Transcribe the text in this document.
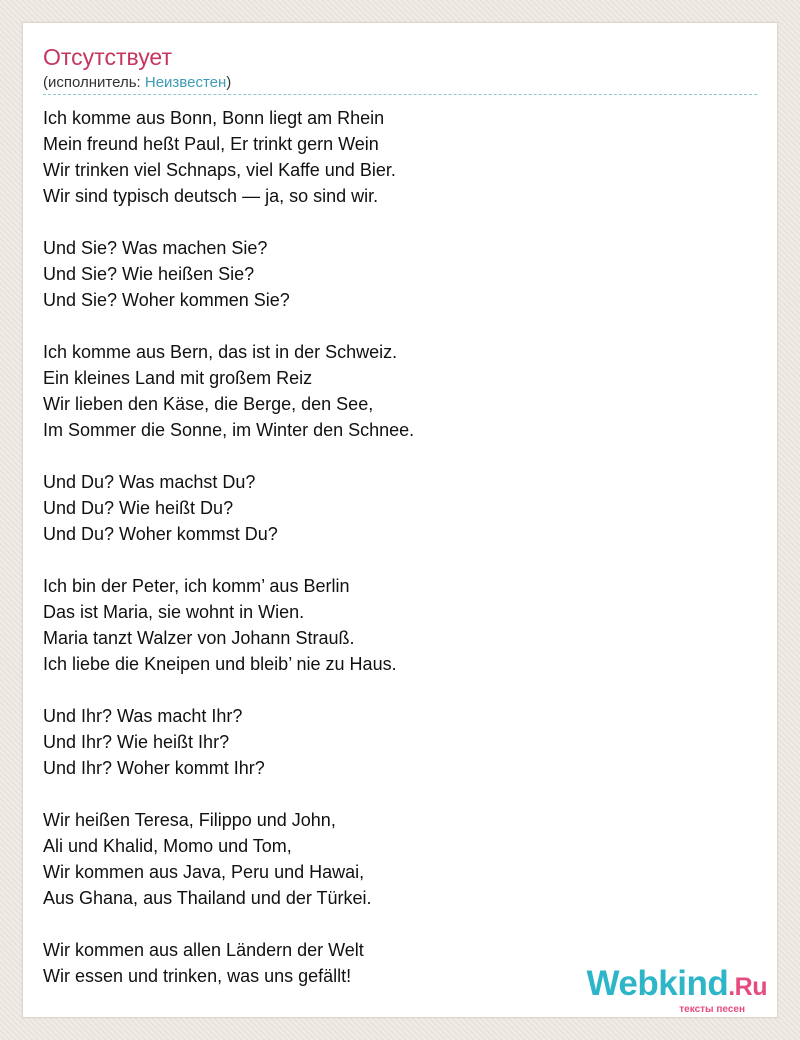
Отсутствует
(исполнитель: Неизвестен)
Ich komme aus Bonn, Bonn liegt am Rhein
Mein freund heßt Paul, Er trinkt gern Wein
Wir trinken viel Schnaps, viel Kaffe und Bier.
Wir sind typisch deutsch — ja, so sind wir.
Und Sie? Was machen Sie?
Und Sie? Wie heißen Sie?
Und Sie? Woher kommen Sie?
Ich komme aus Bern, das ist in der Schweiz.
Ein kleines Land mit großem Reiz
Wir lieben den Käse, die Berge, den See,
Im Sommer die Sonne, im Winter den Schnee.
Und Du? Was machst Du?
Und Du? Wie heißt Du?
Und Du? Woher kommst Du?
Ich bin der Peter, ich komm’ aus Berlin
Das ist Maria, sie wohnt in Wien.
Maria tanzt Walzer von Johann Strauß.
Ich liebe die Kneipen und bleib’ nie zu Haus.
Und Ihr? Was macht Ihr?
Und Ihr? Wie heißt Ihr?
Und Ihr? Woher kommt Ihr?
Wir heißen Teresa, Filippo und John,
Ali und Khalid, Momo und Tom,
Wir kommen aus Java, Peru und Hawai,
Aus Ghana, aus Thailand und der Türkei.
Wir kommen aus allen Ländern der Welt
Wir essen und trinken, was uns gefällt!	Webkind.Ru
тексты песен
